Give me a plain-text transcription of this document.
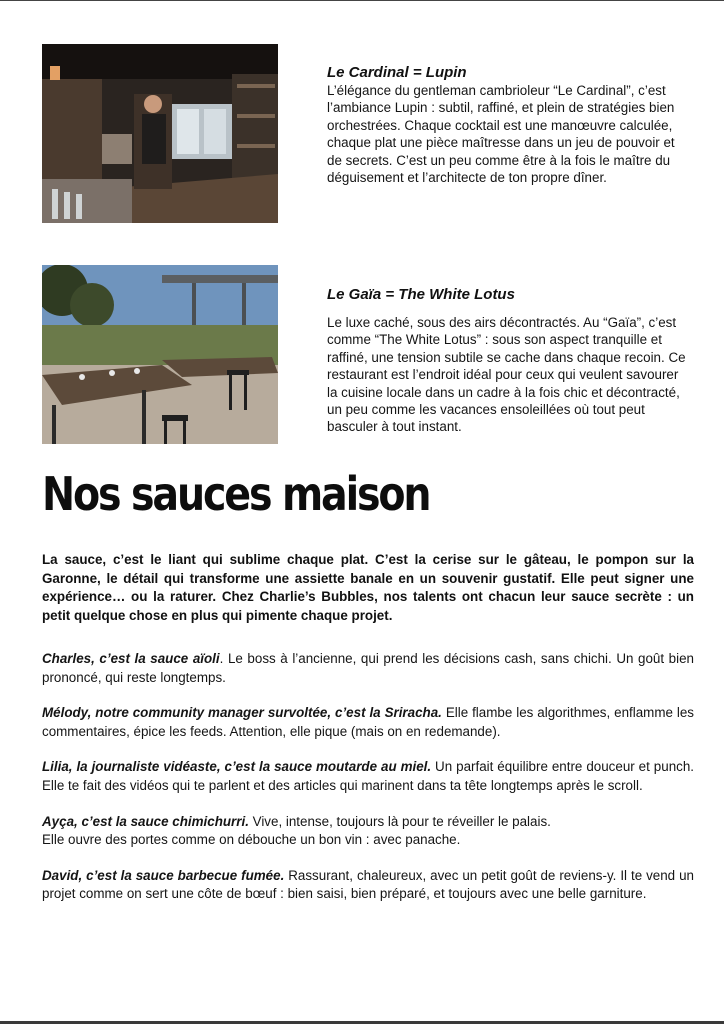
Le Cardinal = Lupin

L’élégance du gentleman cambrioleur “Le Cardinal”, c’est l’ambiance Lupin : subtil, raffiné, et plein de stratégies bien orchestrées. Chaque cocktail est une manœuvre calculée, chaque plat une pièce maîtresse dans un jeu de pouvoir et de secrets. C’est un peu comme être à la fois le maître du déguisement et l’architecte de ton propre dîner.

Le Gaïa = The White Lotus

Le luxe caché, sous des airs décontractés. Au “Gaïa”, c’est comme “The White Lotus” : sous son aspect tranquille et raffiné, une tension subtile se cache dans chaque recoin. Ce restaurant est l’endroit idéal pour ceux qui veulent savourer la cuisine locale dans un cadre à la fois chic et décontracté, un peu comme les vacances ensoleillées où tout peut basculer à tout instant.

Nos sauces maison

La sauce, c’est le liant qui sublime chaque plat. C’est la cerise sur le gâteau, le pompon sur la Garonne, le détail qui transforme une assiette banale en un souvenir gustatif. Elle peut signer une expérience… ou la raturer. Chez Charlie’s Bubbles, nos talents ont chacun leur sauce secrète : un petit quelque chose en plus qui pimente chaque projet.

Charles, c’est la sauce aïoli. Le boss à l’ancienne, qui prend les décisions cash, sans chichi. Un goût bien prononcé, qui reste longtemps.

Mélody, notre community manager survoltée, c’est la Sriracha. Elle flambe les algorithmes, enflamme les commentaires, épice les feeds. Attention, elle pique (mais on en redemande).

Lilia, la journaliste vidéaste, c’est la sauce moutarde au miel. Un parfait équilibre entre douceur et punch. Elle te fait des vidéos qui te parlent et des articles qui marinent dans ta tête longtemps après le scroll.

Ayça, c’est la sauce chimichurri. Vive, intense, toujours là pour te réveiller le palais.
Elle ouvre des portes comme on débouche un bon vin : avec panache.

David, c’est la sauce barbecue fumée. Rassurant, chaleureux, avec un petit goût de reviens-y. Il te vend un projet comme on sert une côte de bœuf : bien saisi, bien préparé, et toujours avec une belle garniture.
